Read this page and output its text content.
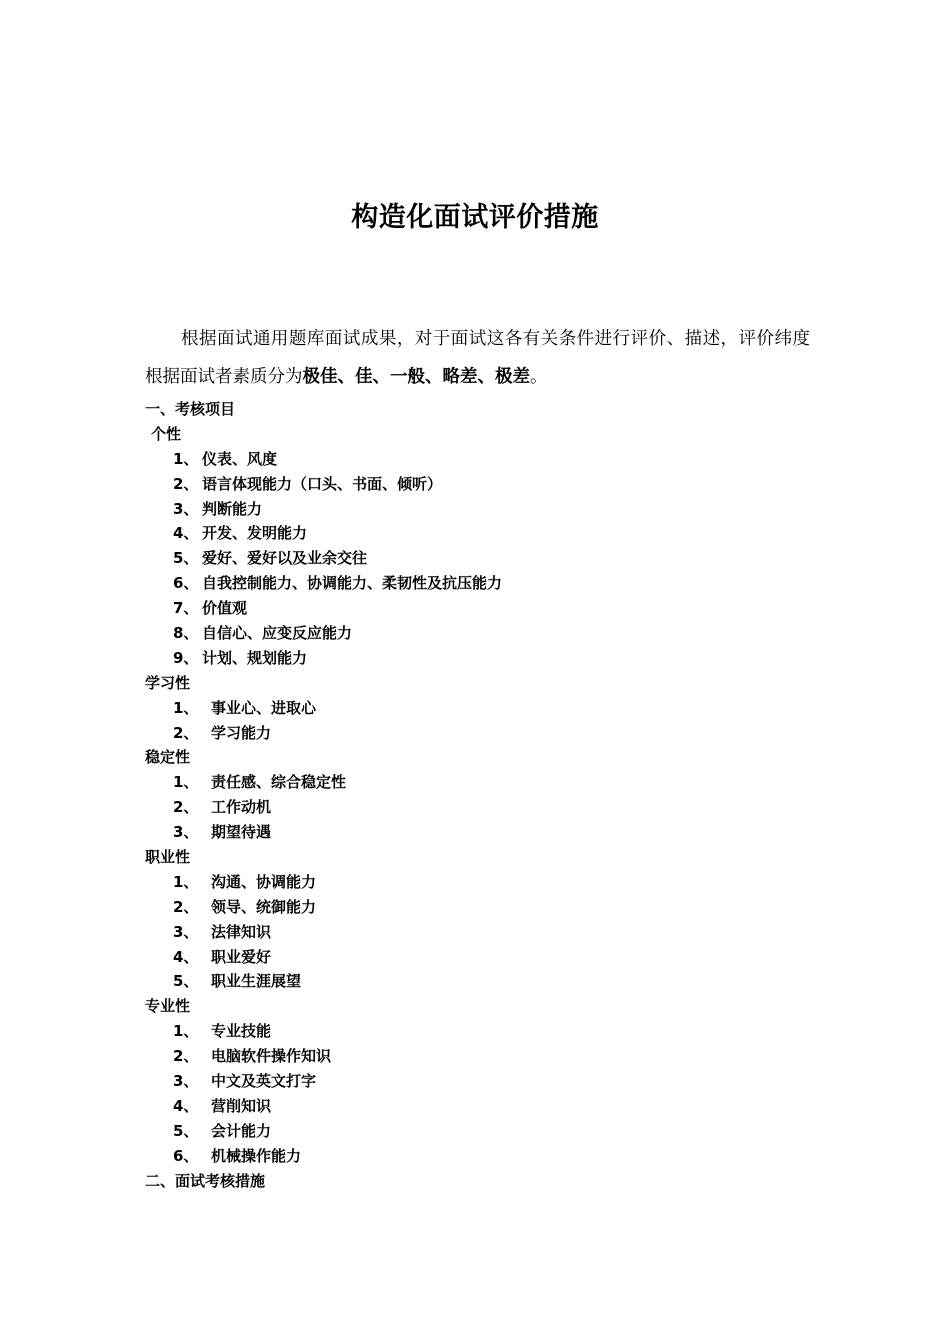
构造化面试评价措施

根据面试通用题库面试成果，对于面试这各有关条件进行评价、描述，评价纬度根据面试者素质分为极佳、佳、一般、略差、极差。

一、考核项目
个性
1、 仪表、风度
2、 语言体现能力（口头、书面、倾听）
3、 判断能力
4、 开发、发明能力
5、 爱好、爱好以及业余交往
6、 自我控制能力、协调能力、柔韧性及抗压能力
7、 价值观
8、 自信心、应变反应能力
9、 计划、规划能力
学习性
1、 事业心、进取心
2、 学习能力
稳定性
1、 责任感、综合稳定性
2、 工作动机
3、 期望待遇
职业性
1、 沟通、协调能力
2、 领导、统御能力
3、 法律知识
4、 职业爱好
5、 职业生涯展望
专业性
1、 专业技能
2、 电脑软件操作知识
3、 中文及英文打字
4、 营削知识
5、 会计能力
6、 机械操作能力
二、面试考核措施
